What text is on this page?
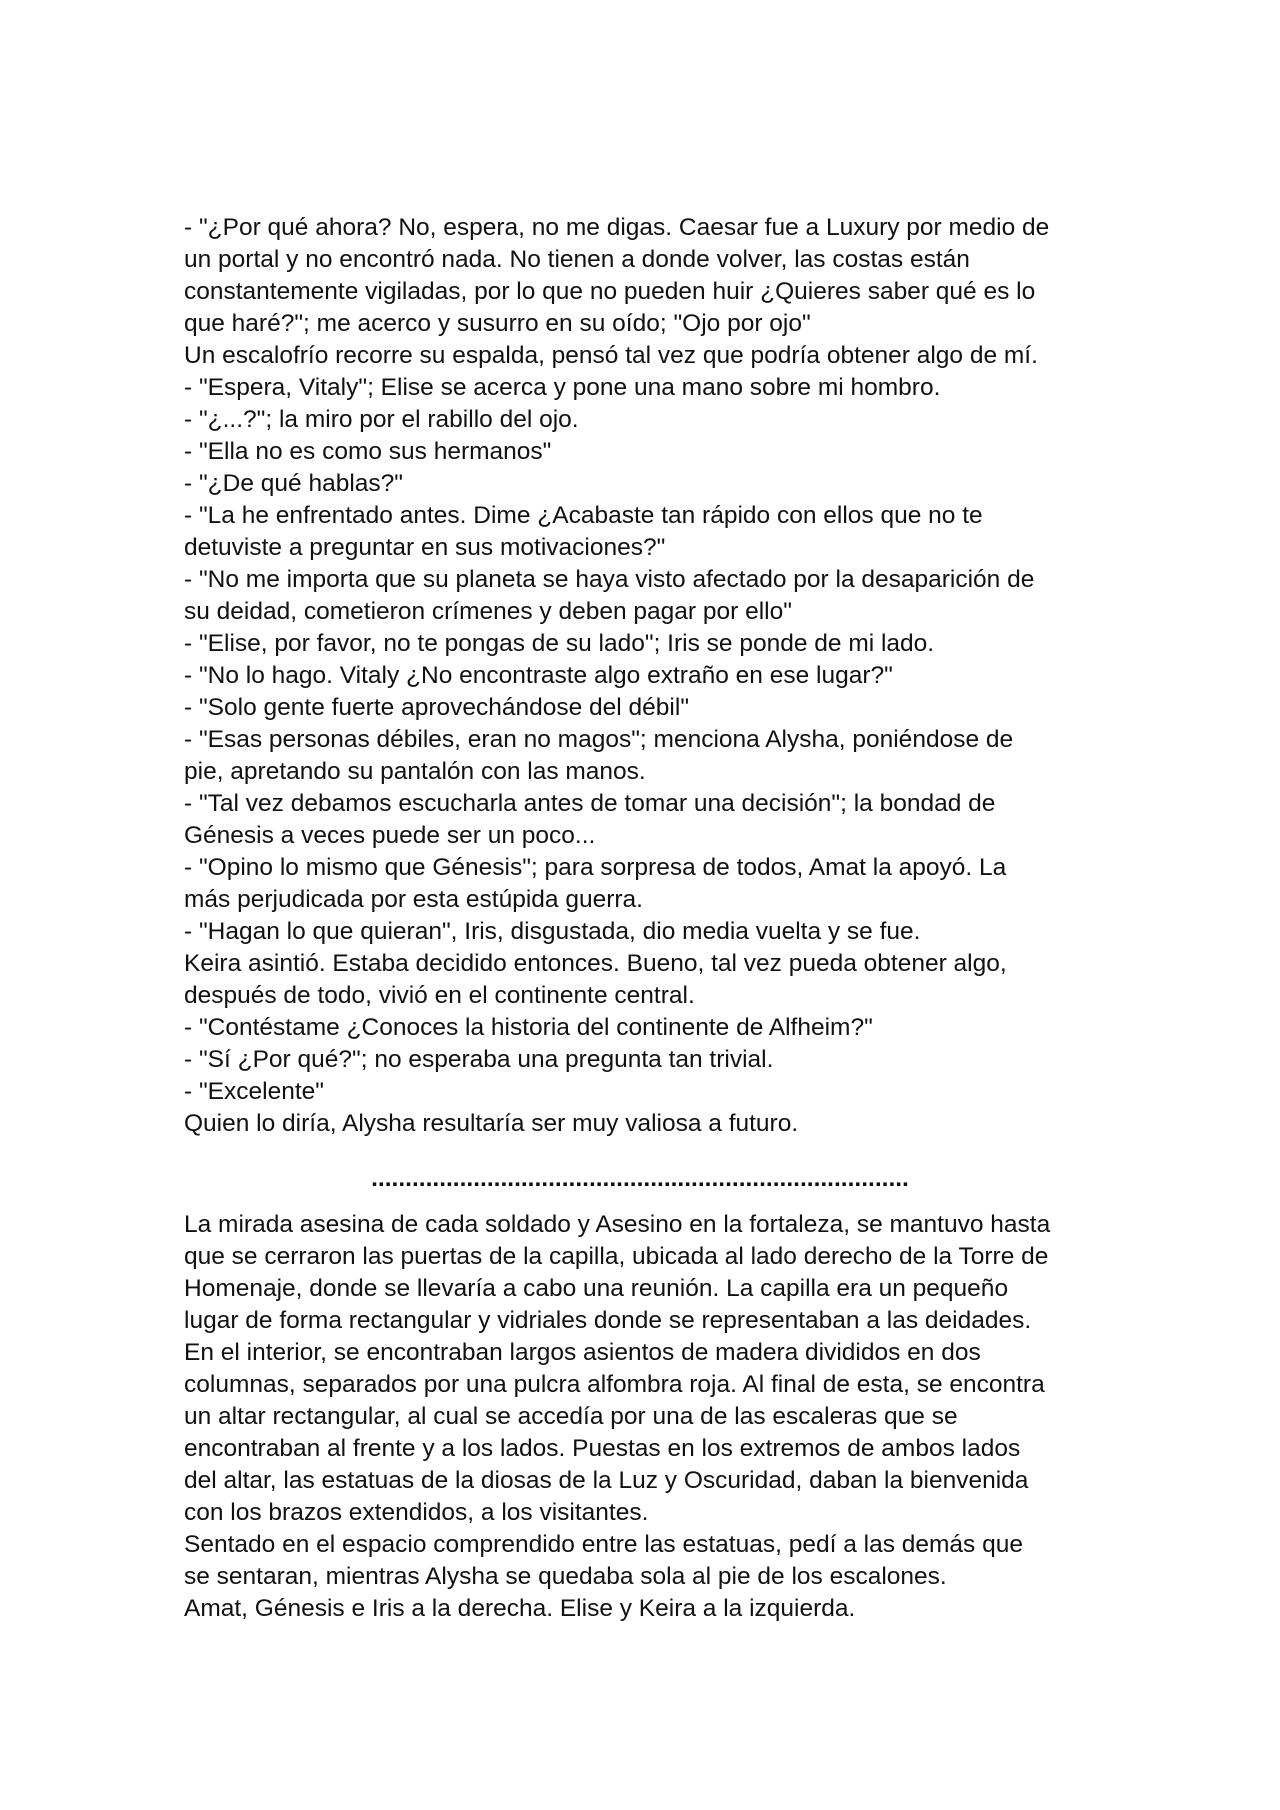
- "¿Por qué ahora? No, espera, no me digas. Caesar fue a Luxury por medio de
un portal y no encontró nada. No tienen a donde volver, las costas están
constantemente vigiladas, por lo que no pueden huir ¿Quieres saber qué es lo
que haré?"; me acerco y susurro en su oído; "Ojo por ojo"
Un escalofrío recorre su espalda, pensó tal vez que podría obtener algo de mí.
- "Espera, Vitaly"; Elise se acerca y pone una mano sobre mi hombro.
- "¿...?"; la miro por el rabillo del ojo.
- "Ella no es como sus hermanos"
- "¿De qué hablas?"
- "La he enfrentado antes. Dime ¿Acabaste tan rápido con ellos que no te
detuviste a preguntar en sus motivaciones?"
- "No me importa que su planeta se haya visto afectado por la desaparición de
su deidad, cometieron crímenes y deben pagar por ello"
- "Elise, por favor, no te pongas de su lado"; Iris se ponde de mi lado.
- "No lo hago. Vitaly ¿No encontraste algo extraño en ese lugar?"
- "Solo gente fuerte aprovechándose del débil"
- "Esas personas débiles, eran no magos"; menciona Alysha, poniéndose de
pie, apretando su pantalón con las manos.
- "Tal vez debamos escucharla antes de tomar una decisión"; la bondad de
Génesis a veces puede ser un poco...
- "Opino lo mismo que Génesis"; para sorpresa de todos, Amat la apoyó. La
más perjudicada por esta estúpida guerra.
- "Hagan lo que quieran", Iris, disgustada, dio media vuelta y se fue.
Keira asintió. Estaba decidido entonces. Bueno, tal vez pueda obtener algo,
después de todo, vivió en el continente central.
- "Contéstame ¿Conoces la historia del continente de Alfheim?"
- "Sí ¿Por qué?"; no esperaba una pregunta tan trivial.
- "Excelente"
Quien lo diría, Alysha resultaría ser muy valiosa a futuro.
...............................................................................
La mirada asesina de cada soldado y Asesino en la fortaleza, se mantuvo hasta
que se cerraron las puertas de la capilla, ubicada al lado derecho de la Torre de
Homenaje, donde se llevaría a cabo una reunión. La capilla era un pequeño
lugar de forma rectangular y vidriales donde se representaban a las deidades.
En el interior, se encontraban largos asientos de madera divididos en dos
columnas, separados por una pulcra alfombra roja. Al final de esta, se encontra
un altar rectangular, al cual se accedía por una de las escaleras que se
encontraban al frente y a los lados. Puestas en los extremos de ambos lados
del altar, las estatuas de la diosas de la Luz y Oscuridad, daban la bienvenida
con los brazos extendidos, a los visitantes.
Sentado en el espacio comprendido entre las estatuas, pedí a las demás que
se sentaran, mientras Alysha se quedaba sola al pie de los escalones.
Amat, Génesis e Iris a la derecha. Elise y Keira a la izquierda.
